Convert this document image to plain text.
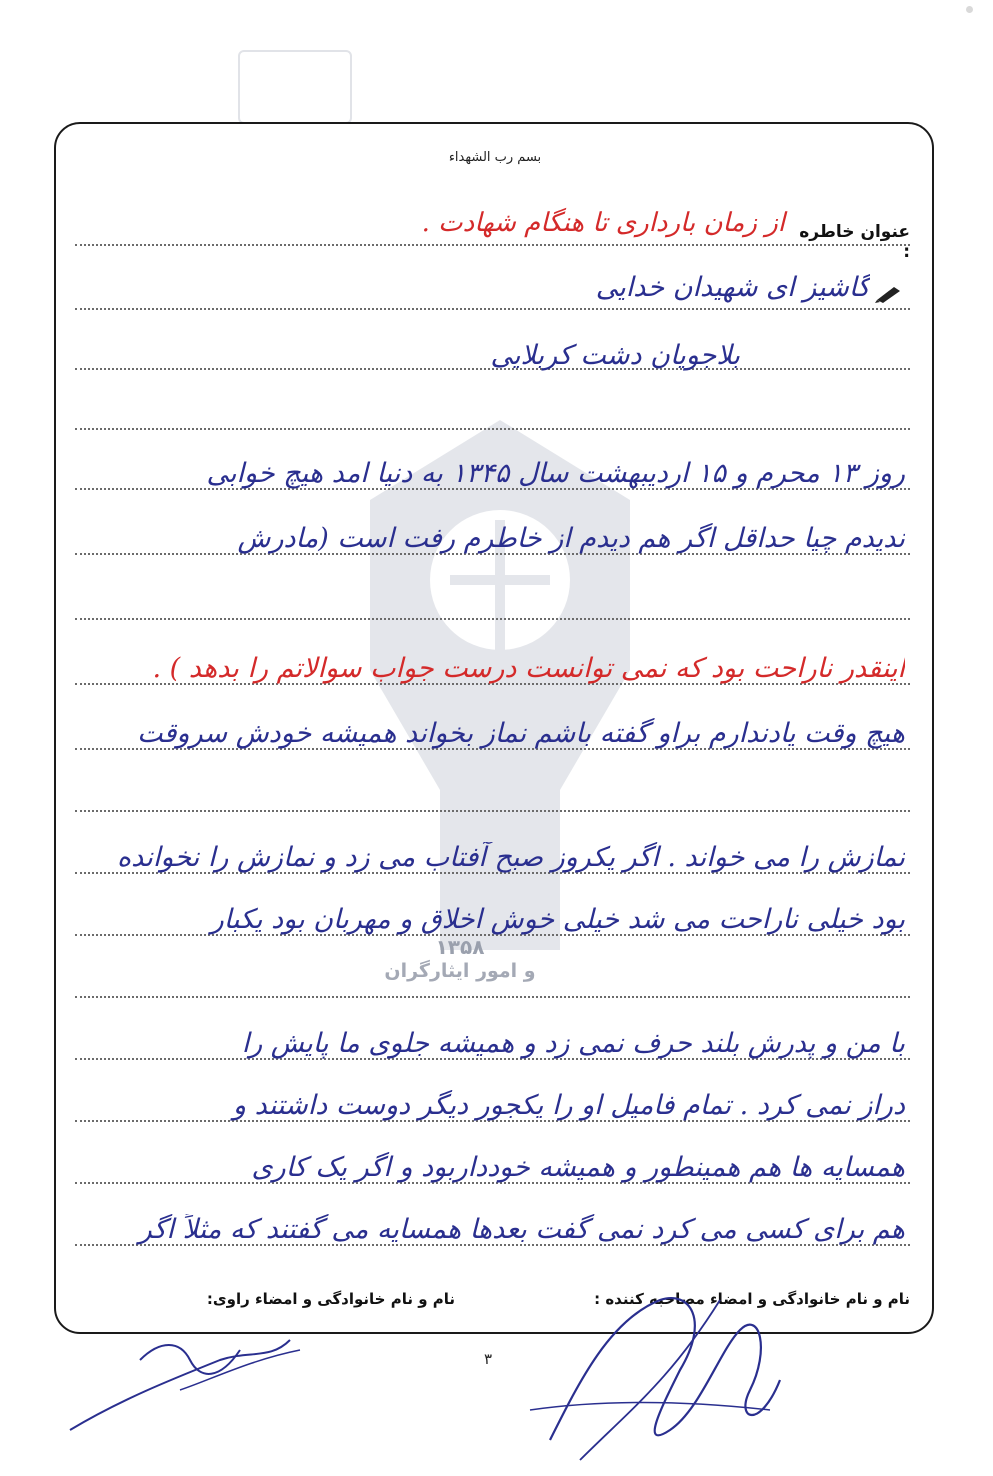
۱۳۵۸
و امور ایثارگران
بسم رب الشهداء
عنوان خاطره :
از زمان بارداری تا هنگام شهادت .
گاشیز ای شهیدان خدایی
بلاجویان دشت کربلایی
روز ۱۳ محرم و ۱۵ اردیبهشت سال ۱۳۴۵ به دنیا امد هیچ خوابی
ندیدم چیا حداقل اگر هم دیدم از خاطرم رفت است (مادرش
اینقدر ناراحت بود که نمی توانست درست جواب سوالاتم را بدهد ) .
هیچ وقت یادندارم براو گفته باشم نماز بخواند همیشه خودش سروقت
نمازش را می خواند . اگر یکروز صبح آفتاب می زد و نمازش را نخوانده
بود خیلی ناراحت می شد خیلی خوش اخلاق و مهربان بود یکبار
با من و پدرش بلند حرف نمی زد و همیشه جلوی ما پایش را
دراز نمی کرد . تمام فامیل او را یکجور دیگر دوست داشتند و
همسایه ها هم همینطور و همیشه خودداربود و اگر یک کاری
هم برای کسی می کرد نمی گفت بعدها همسایه می گفتند که مثلاً اگر
نام و نام خانوادگی و امضاء مصاحبه کننده :
نام و نام خانوادگی و امضاء راوی:
۳
